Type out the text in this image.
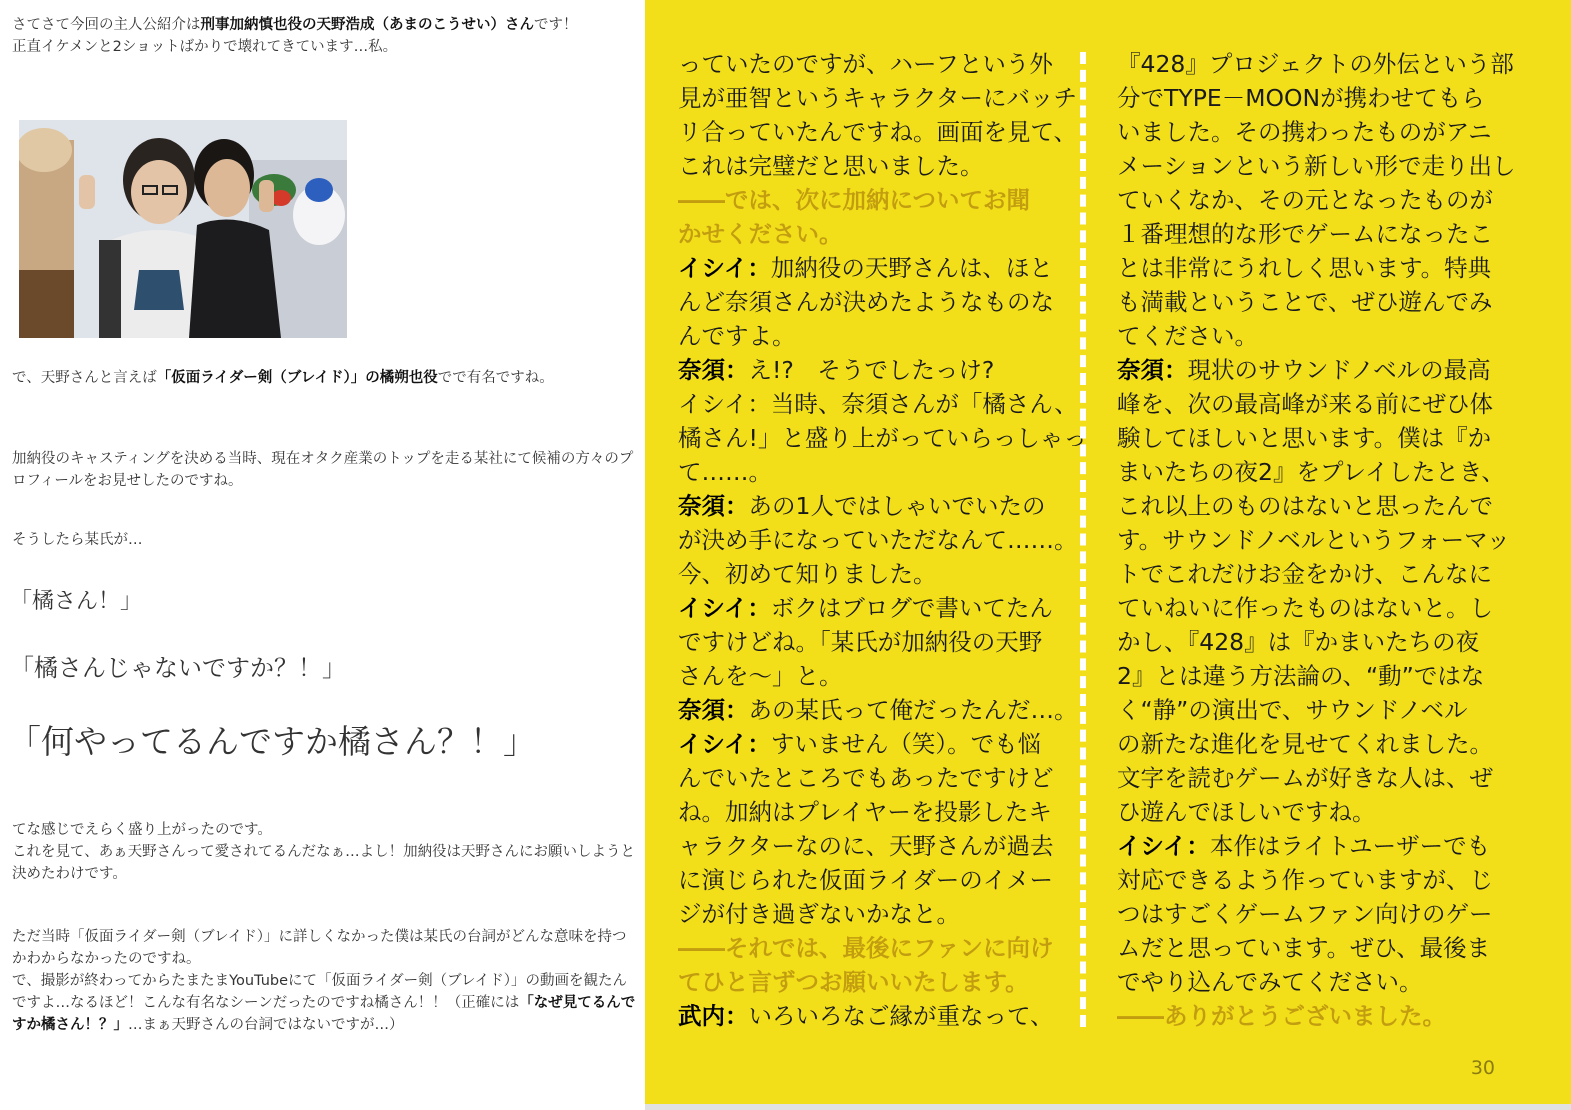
さてさて今回の主人公紹介は刑事加納慎也役の天野浩成（あまのこうせい）さんです！
正直イケメンと2ショットばかりで壊れてきています…私。

で、天野さんと言えば「仮面ライダー剣（ブレイド）」の橘朔也役でで有名ですね。

加納役のキャスティングを決める当時、現在オタク産業のトップを走る某社にて候補の方々のプロフィールをお見せしたのですね。

そうしたら某氏が…

「橘さん！」
「橘さんじゃないですか？！」
「何やってるんですか橘さん？！」

てな感じでえらく盛り上がったのです。
これを見て、あぁ天野さんって愛されてるんだなぁ…よし！加納役は天野さんにお願いしようと決めたわけです。

ただ当時「仮面ライダー剣（ブレイド）」に詳しくなかった僕は某氏の台詞がどんな意味を持つかわからなかったのですね。
で、撮影が終わってからたまたまYouTubeにて「仮面ライダー剣（ブレイド）」の動画を観たんですよ…なるほど！こんな有名なシーンだったのですね橘さん！！（正確には「なぜ見てるんですか橘さん！？」…まぁ天野さんの台詞ではないですが…）

っていたのですが、ハーフという外
見が亜智というキャラクターにバッチ
リ合っていたんですね。画面を見て、
これは完璧だと思いました。
――では、次に加納についてお聞
かせください。
イシイ：加納役の天野さんは、ほと
んど奈須さんが決めたようなものな
んですよ。
奈須：え!?　そうでしたっけ?
イシイ：当時、奈須さんが「橘さん、
橘さん!」と盛り上がっていらっしゃっ
て……。
奈須：あの1人ではしゃいでいたの
が決め手になっていただなんて……。
今、初めて知りました。
イシイ：ボクはブログで書いてたん
ですけどね。「某氏が加納役の天野
さんを～」と。
奈須：あの某氏って俺だったんだ…。
イシイ：すいません（笑）。でも悩
んでいたところでもあったですけど
ね。加納はプレイヤーを投影したキ
ャラクターなのに、天野さんが過去
に演じられた仮面ライダーのイメー
ジが付き過ぎないかなと。
――それでは、最後にファンに向け
てひと言ずつお願いいたします。
武内：いろいろなご縁が重なって、
『428』プロジェクトの外伝という部
分でTYPE－MOONが携わせてもら
いました。その携わったものがアニ
メーションという新しい形で走り出し
ていくなか、その元となったものが
１番理想的な形でゲームになったこ
とは非常にうれしく思います。特典
も満載ということで、ぜひ遊んでみ
てください。
奈須：現状のサウンドノベルの最高
峰を、次の最高峰が来る前にぜひ体
験してほしいと思います。僕は『か
まいたちの夜2』をプレイしたとき、
これ以上のものはないと思ったんで
す。サウンドノベルというフォーマッ
トでこれだけお金をかけ、こんなに
ていねいに作ったものはないと。し
かし、『428』は『かまいたちの夜
2』とは違う方法論の、“動”ではな
く“静”の演出で、サウンドノベル
の新たな進化を見せてくれました。
文字を読むゲームが好きな人は、ぜ
ひ遊んでほしいですね。
イシイ：本作はライトユーザーでも
対応できるよう作っていますが、じ
つはすごくゲームファン向けのゲー
ムだと思っています。ぜひ、最後ま
でやり込んでみてください。
――ありがとうございました。
30
